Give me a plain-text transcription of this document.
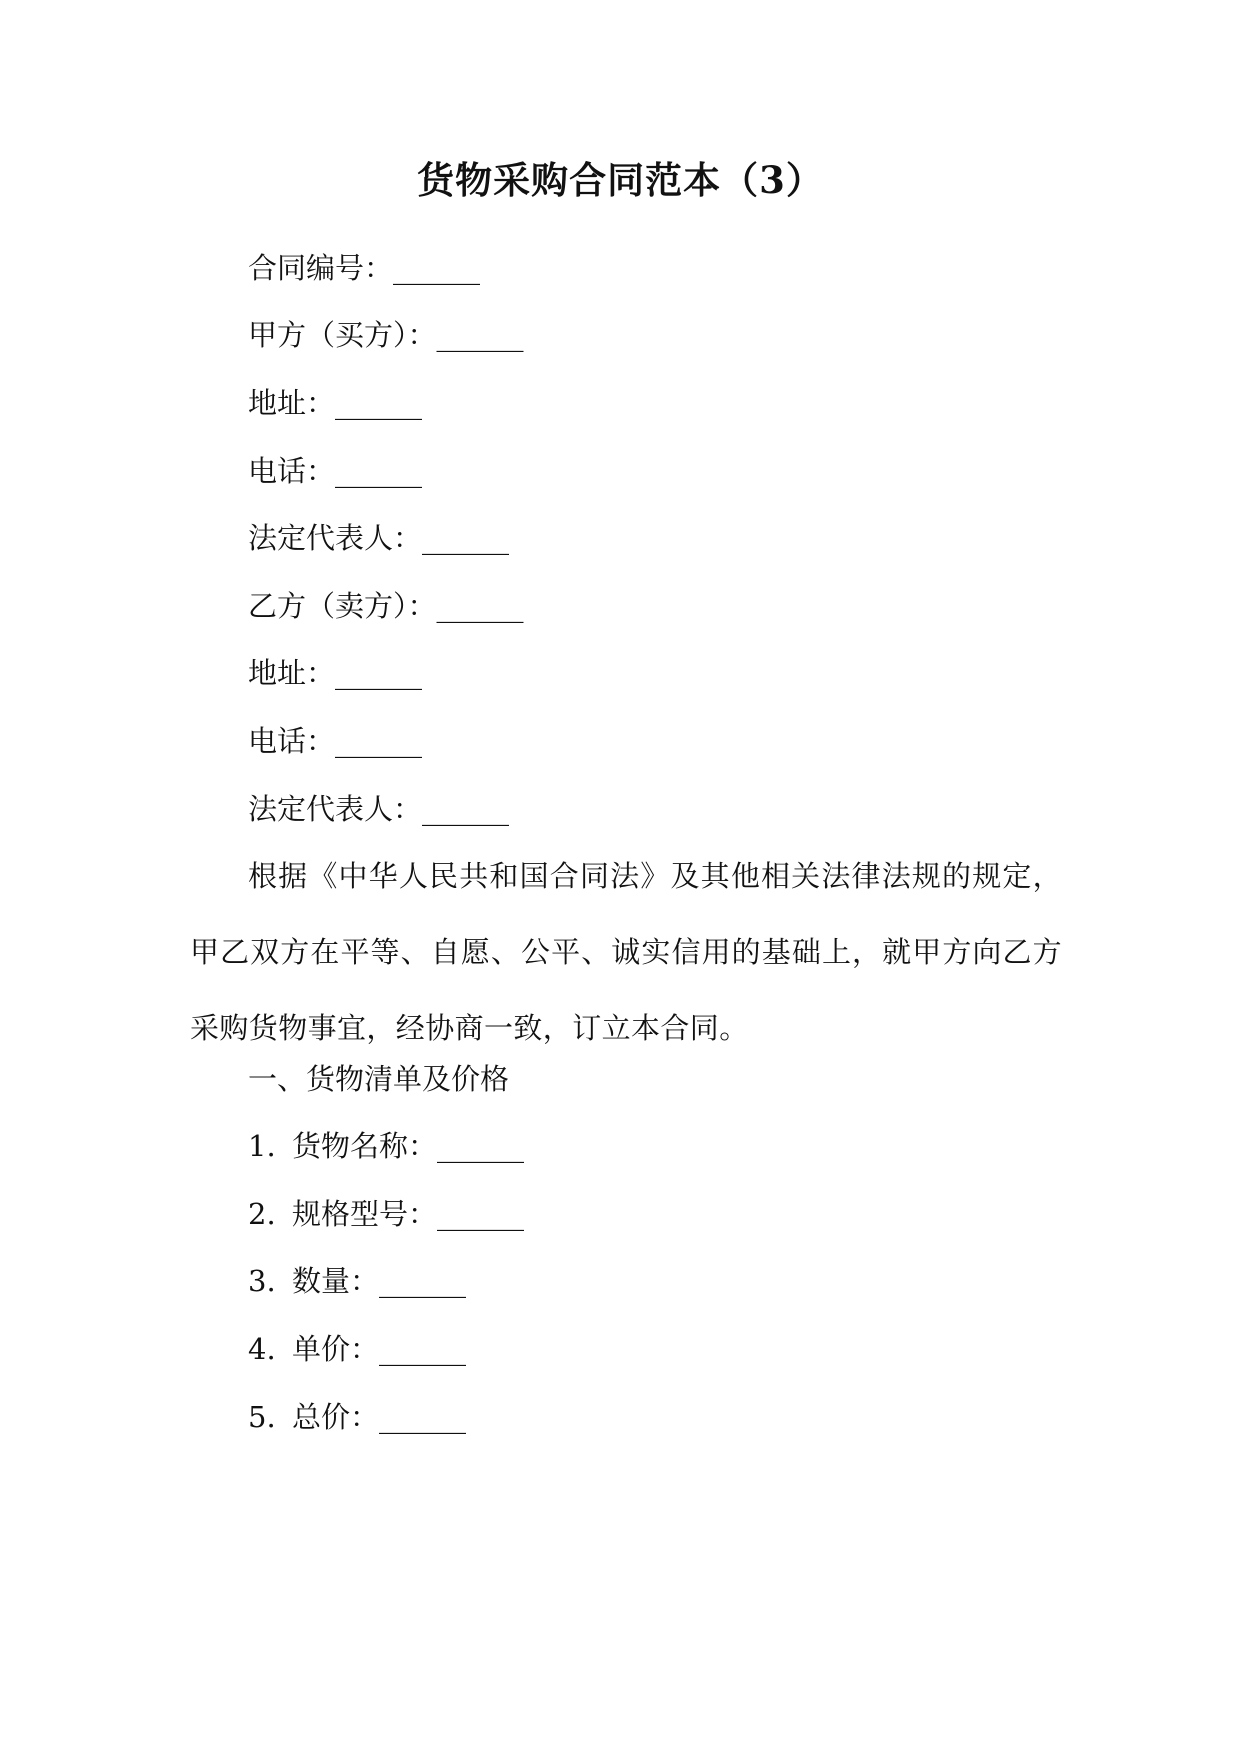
货物采购合同范本（3）

合同编号：______

甲方（买方）：______

地址：______

电话：______

法定代表人：______

乙方（卖方）：______

地址：______

电话：______

法定代表人：______

根据《中华人民共和国合同法》及其他相关法律法规的规定，甲乙双方在平等、自愿、公平、诚实信用的基础上，就甲方向乙方采购货物事宜，经协商一致，订立本合同。

一、货物清单及价格

1. 货物名称：______

2. 规格型号：______

3. 数量：______

4. 单价：______

5. 总价：______
